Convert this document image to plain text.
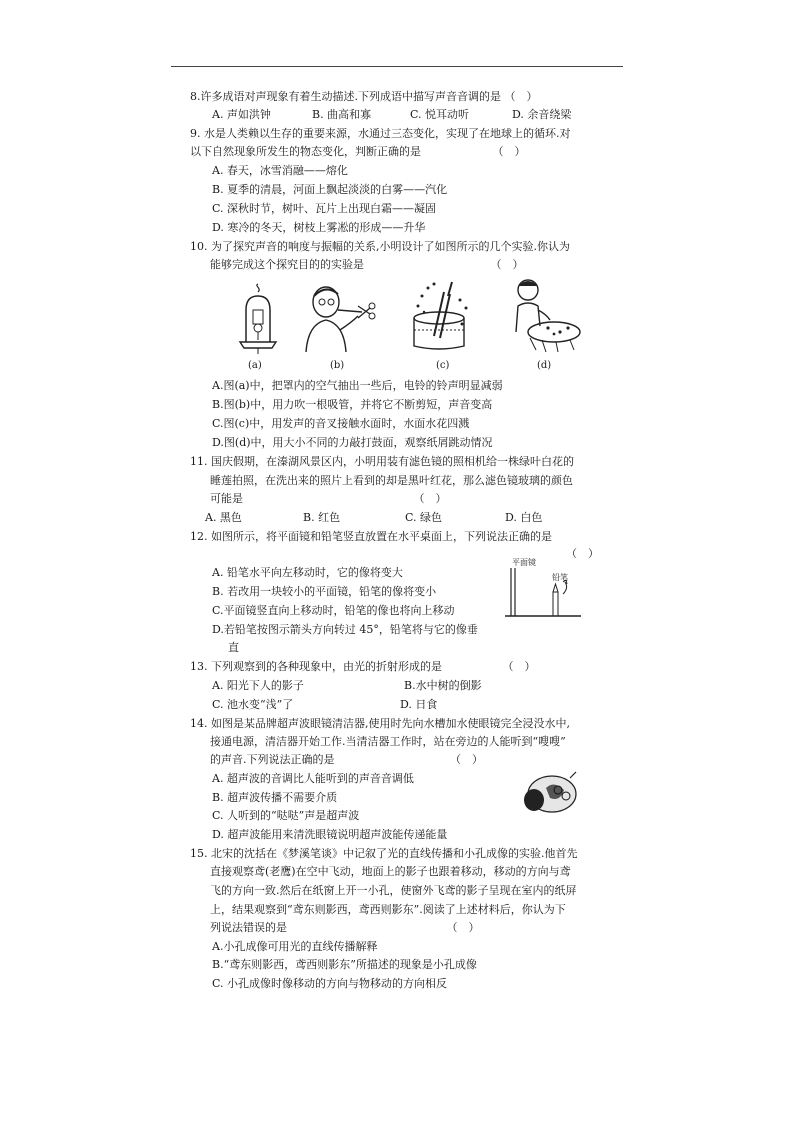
8.许多成语对声现象有着生动描述.下列成语中描写声音音调的是 （　）
A. 声如洪钟	B. 曲高和寡	C. 悦耳动听	D. 余音绕梁
9. 水是人类赖以生存的重要来源，水通过三态变化，实现了在地球上的循环.对
以下自然现象所发生的物态变化，判断正确的是　　　　　　　（　）
A. 春天，冰雪消融——熔化
B. 夏季的清晨，河面上飘起淡淡的白雾——汽化
C. 深秋时节，树叶、瓦片上出现白霜——凝固
D. 寒冷的冬天，树枝上雾凇的形成——升华
10. 为了探究声音的响度与振幅的关系,小明设计了如图所示的几个实验.你认为
能够完成这个探究目的的实验是　　　　　　　　　　　　（　）
(a)	(b)	(c)	(d)
A.图(a)中，把罩内的空气抽出一些后，电铃的铃声明显减弱
B.图(b)中，用力吹一根吸管，并将它不断剪短，声音变高
C.图(c)中，用发声的音叉接触水面时，水面水花四溅
D.图(d)中，用大小不同的力敲打鼓面，观察纸屑跳动情况
11. 国庆假期，在溱湖风景区内，小明用装有滤色镜的照相机给一株绿叶白花的
睡莲拍照，在洗出来的照片上看到的却是黑叶红花，那么滤色镜玻璃的颜色
可能是　　　　　　　　　　　　　　　　（　）
A. 黑色	B. 红色	C. 绿色	D. 白色
12. 如图所示，将平面镜和铅笔竖直放置在水平桌面上，下列说法正确的是
（　）
平面镜
铅笔
A. 铅笔水平向左移动时，它的像将变大
B. 若改用一块较小的平面镜，铅笔的像将变小
C.平面镜竖直向上移动时，铅笔的像也将向上移动
D.若铅笔按图示箭头方向转过 45°，铅笔将与它的像垂
直
13. 下列观察到的各种现象中，由光的折射形成的是　　　　　　（　）
A. 阳光下人的影子	B.水中树的倒影
C. 池水变“浅”了	D. 日食
14. 如图是某品牌超声波眼镜清洁器,使用时先向水槽加水使眼镜完全浸没水中,
接通电源，清洁器开始工作.当清洁器工作时，站在旁边的人能听到“嗖嗖”
的声音.下列说法正确的是　　　　　　　　　　　（　）
A. 超声波的音调比人能听到的声音音调低
B. 超声波传播不需要介质
C. 人听到的“哒哒”声是超声波
D. 超声波能用来清洗眼镜说明超声波能传递能量
15. 北宋的沈括在《梦溪笔谈》中记叙了光的直线传播和小孔成像的实验.他首先
直接观察鸢(老鹰)在空中飞动，地面上的影子也跟着移动，移动的方向与鸢
飞的方向一致.然后在纸窗上开一小孔，使窗外飞鸢的影子呈现在室内的纸屏
上，结果观察到“鸢东则影西，鸢西则影东”.阅读了上述材料后，你认为下
列说法错误的是　　　　　　　　　　　　　　　（　）
A.小孔成像可用光的直线传播解释
B.“鸢东则影西，鸢西则影东”所描述的现象是小孔成像
C. 小孔成像时像移动的方向与物移动的方向相反
